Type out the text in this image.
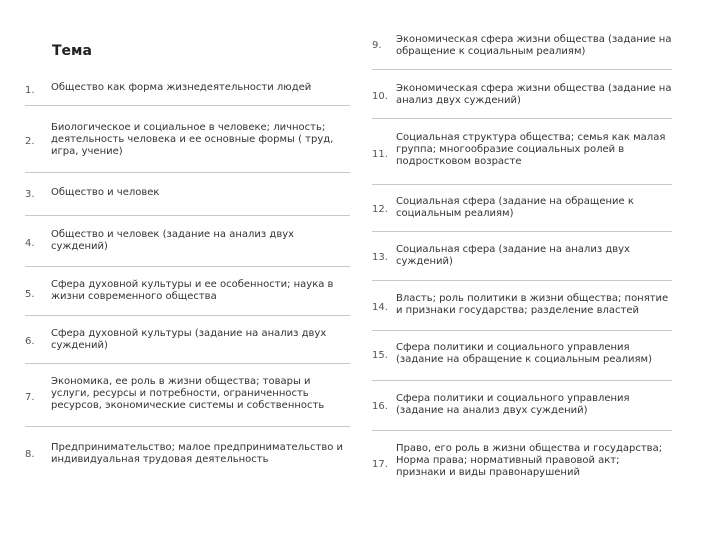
Тема
1. Общество как форма жизнедеятельности людей
2.
Биологическое и социальное в человеке; личность; деятельность человека и ее основные формы ( труд, игра, учение)
3. Общество и человек
4.
Общество и человек (задание на анализ двух суждений)
5.
Сфера духовной культуры и ее особенности; наука в жизни современного общества
6.
Сфера духовной культуры (задание на анализ двух суждений)
7.
Экономика, ее роль в жизни общества; товары и услуги, ресурсы и потребности, ограниченность ресурсов, экономические системы и собственность
8.
Предпринимательство; малое предпринимательство и индивидуальная трудовая деятельность
9.
Экономическая сфера жизни общества (задание на обращение к социальным реалиям)
10.
Экономическая сфера жизни общества (задание на анализ двух суждений)
11.
Социальная структура общества; семья как малая группа; многообразие социальных ролей в подростковом возрасте
12.
Социальная сфера (задание на обращение к социальным реалиям)
13.
Социальная сфера (задание на анализ двух суждений)
14.
Власть; роль политики в жизни общества; понятие и признаки государства; разделение властей
15.
Сфера политики и социального управления (задание на обращение к социальным реалиям)
16.
Сфера политики и социального управления (задание на анализ двух суждений)
17.
Право, его роль в жизни общества и государства; Норма права; нормативный правовой акт; признаки и виды правонарушений
